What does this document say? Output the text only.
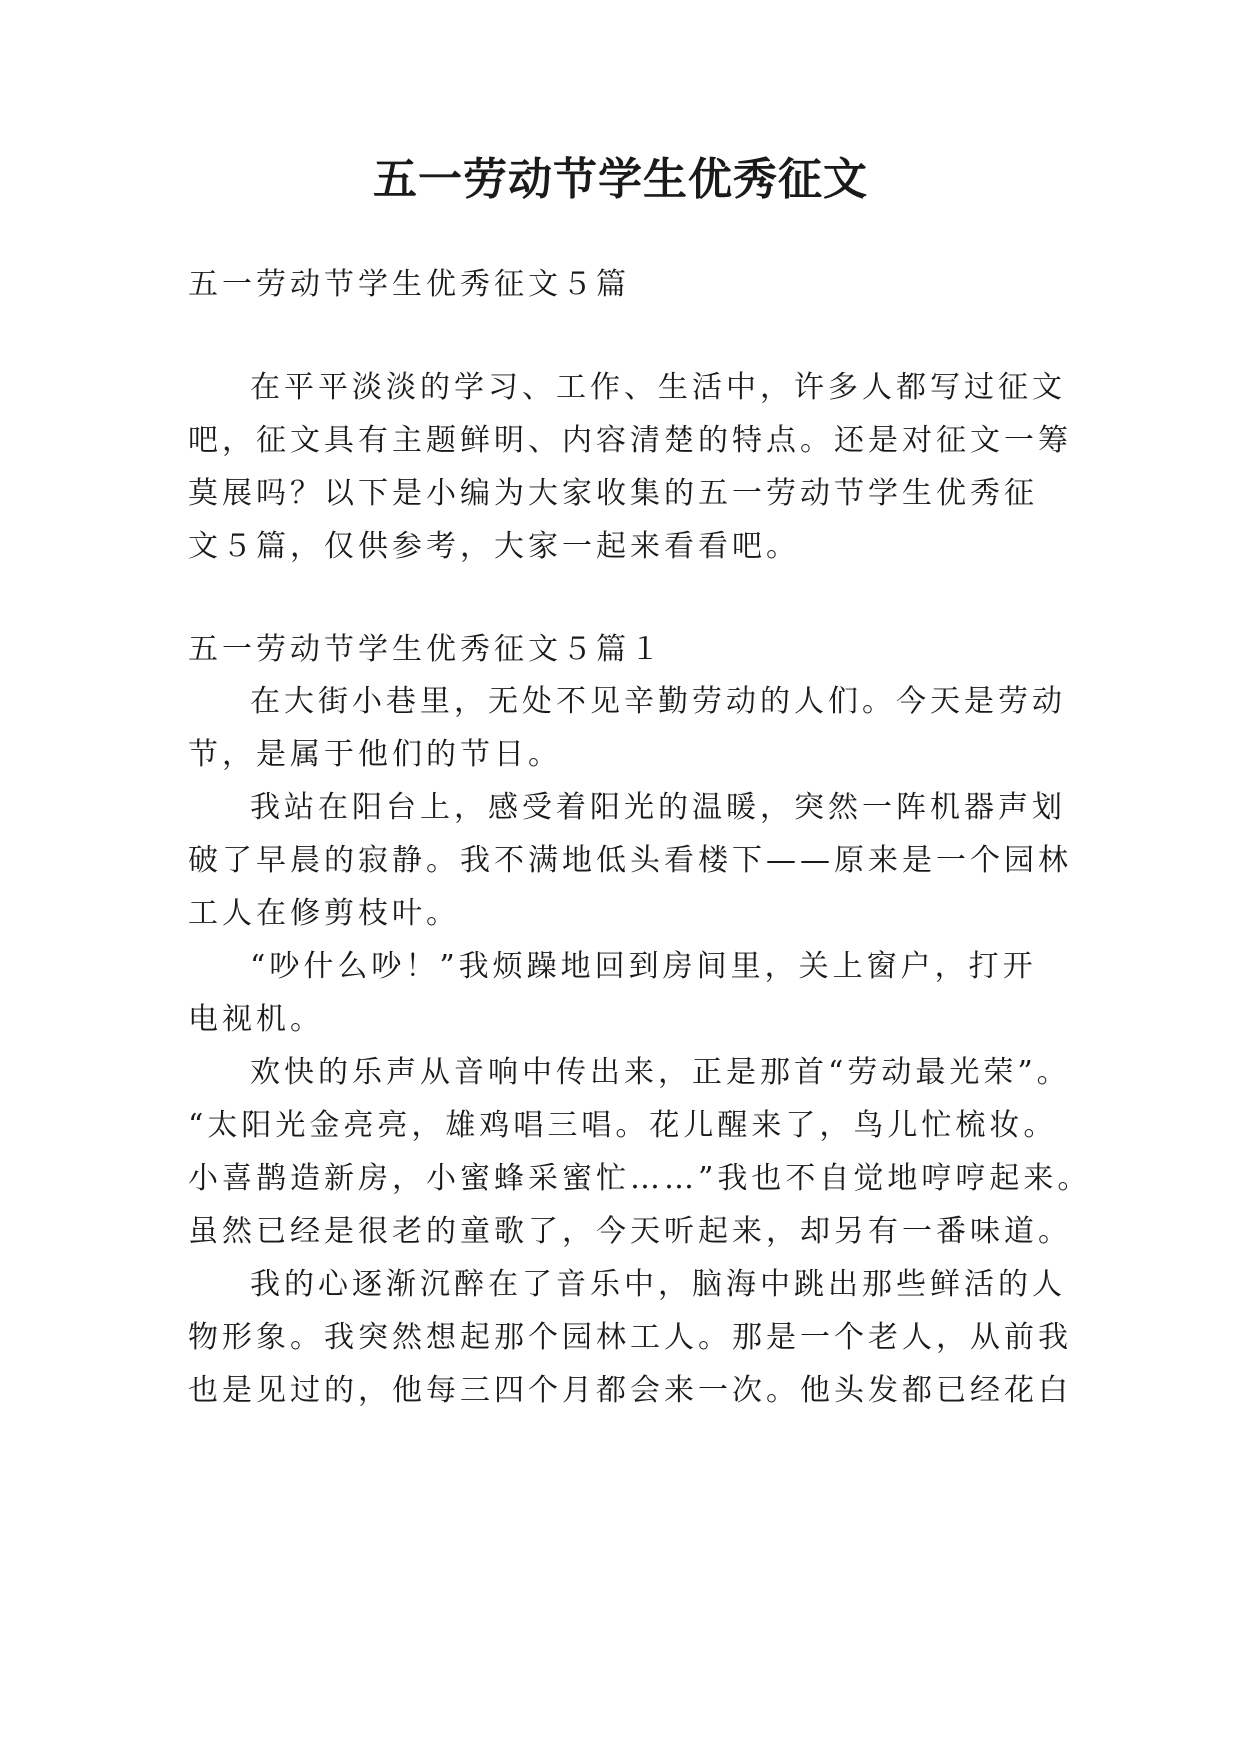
五一劳动节学生优秀征文

五一劳动节学生优秀征文５篇

在平平淡淡的学习、工作、生活中，许多人都写过征文

吧，征文具有主题鲜明、内容清楚的特点。还是对征文一筹

莫展吗？以下是小编为大家收集的五一劳动节学生优秀征

文５篇，仅供参考，大家一起来看看吧。

五一劳动节学生优秀征文５篇１

在大街小巷里，无处不见辛勤劳动的人们。今天是劳动

节，是属于他们的节日。

我站在阳台上，感受着阳光的温暖，突然一阵机器声划

破了早晨的寂静。我不满地低头看楼下——原来是一个园林

工人在修剪枝叶。

“吵什么吵！”我烦躁地回到房间里，关上窗户，打开

电视机。

欢快的乐声从音响中传出来，正是那首“劳动最光荣”。

“太阳光金亮亮，雄鸡唱三唱。花儿醒来了，鸟儿忙梳妆。

小喜鹊造新房，小蜜蜂采蜜忙……”我也不自觉地哼哼起来。

虽然已经是很老的童歌了，今天听起来，却另有一番味道。

我的心逐渐沉醉在了音乐中，脑海中跳出那些鲜活的人

物形象。我突然想起那个园林工人。那是一个老人，从前我

也是见过的，他每三四个月都会来一次。他头发都已经花白
